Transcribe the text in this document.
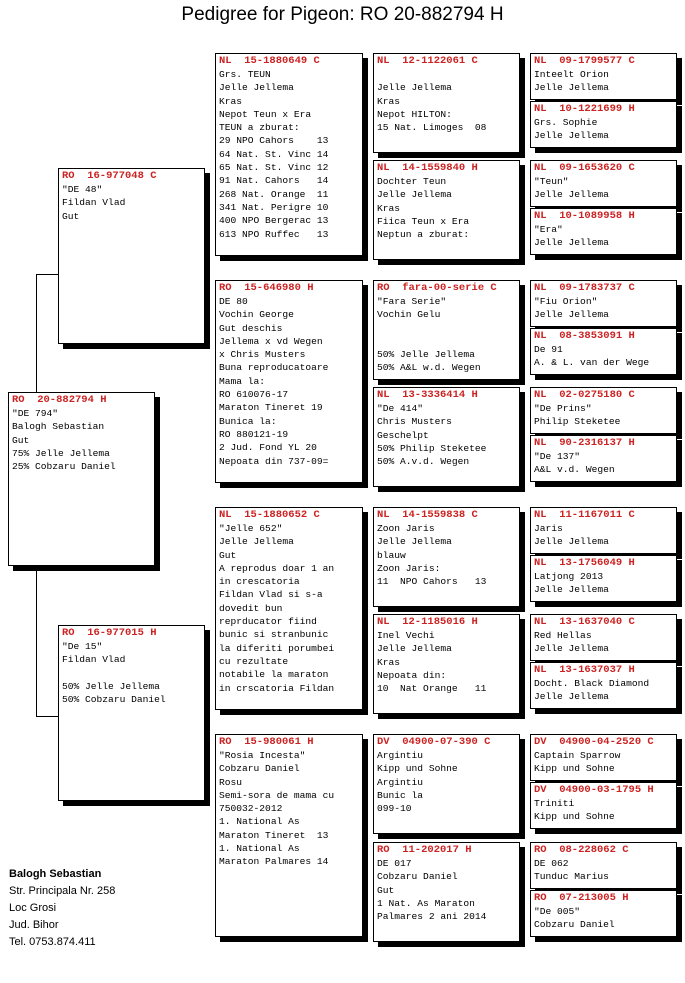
Pedigree for Pigeon: RO 20-882794 H
RO  20-882794 H
"DE 794"
Balogh Sebastian
Gut
75% Jelle Jellema
25% Cobzaru Daniel
RO  16-977048 C
"DE 48"
Fildan Vlad
Gut
RO  16-977015 H
"De 15"
Fildan Vlad
50% Jelle Jellema
50% Cobzaru Daniel
NL  15-1880649 C
Grs. TEUN
Jelle Jellema
Kras
Nepot Teun x Era
TEUN a zburat:
29 NPO Cahors    13
64 Nat. St. Vinc 14
65 Nat. St. Vinc 12
91 Nat. Cahors   14
268 Nat. Orange  11
341 Nat. Perigre 10
400 NPO Bergerac 13
613 NPO Ruffec   13
RO  15-646980 H
DE 80
Vochin George
Gut deschis
Jellema x vd Wegen
x Chris Musters
Buna reproducatoare
Mama la:
RO 610076-17
Maraton Tineret 19
Bunica la:
RO 880121-19
2 Jud. Fond YL 20
Nepoata din 737-09=
NL  15-1880652 C
"Jelle 652"
Jelle Jellema
Gut
A reprodus doar 1 an
in crescatoria
Fildan Vlad si s-a
dovedit bun
reprducator fiind
bunic si stranbunic
la diferiti porumbei
cu rezultate
notabile la maraton
in crscatoria Fildan
RO  15-980061 H
"Rosia Incesta"
Cobzaru Daniel
Rosu
Semi-sora de mama cu
750032-2012
1. National As
Maraton Tineret  13
1. National As
Maraton Palmares 14
NL  12-1122061 C
Jelle Jellema
Kras
Nepot HILTON:
15 Nat. Limoges  08
NL  14-1559840 H
Dochter Teun
Jelle Jellema
Kras
Fiica Teun x Era
Neptun a zburat:
RO  fara-00-serie C
"Fara Serie"
Vochin Gelu
50% Jelle Jellema
50% A&L w.d. Wegen
NL  13-3336414 H
"De 414"
Chris Musters
Geschelpt
50% Philip Steketee
50% A.v.d. Wegen
NL  14-1559838 C
Zoon Jaris
Jelle Jellema
blauw
Zoon Jaris:
11  NPO Cahors   13
NL  12-1185016 H
Inel Vechi
Jelle Jellema
Kras
Nepoata din:
10  Nat Orange   11
DV  04900-07-390 C
Argintiu
Kipp und Sohne
Argintiu
Bunic la
099-10
RO  11-202017 H
DE 017
Cobzaru Daniel
Gut
1 Nat. As Maraton
Palmares 2 ani 2014
NL  09-1799577 C
Inteelt Orion
Jelle Jellema
NL  10-1221699 H
Grs. Sophie
Jelle Jellema
NL  09-1653620 C
"Teun"
Jelle Jellema
NL  10-1089958 H
"Era"
Jelle Jellema
NL  09-1783737 C
"Fiu Orion"
Jelle Jellema
NL  08-3853091 H
De 91
A. & L. van der Wege
NL  02-0275180 C
"De Prins"
Philip Steketee
NL  90-2316137 H
"De 137"
A&L v.d. Wegen
NL  11-1167011 C
Jaris
Jelle Jellema
NL  13-1756049 H
Latjong 2013
Jelle Jellema
NL  13-1637040 C
Red Hellas
Jelle Jellema
NL  13-1637037 H
Docht. Black Diamond
Jelle Jellema
DV  04900-04-2520 C
Captain Sparrow
Kipp und Sohne
DV  04900-03-1795 H
Triniti
Kipp und Sohne
RO  08-228062 C
DE 062
Tunduc Marius
RO  07-213005 H
"De 005"
Cobzaru Daniel
Balogh Sebastian
Str. Principala Nr. 258
Loc Grosi
Jud. Bihor
Tel. 0753.874.411
